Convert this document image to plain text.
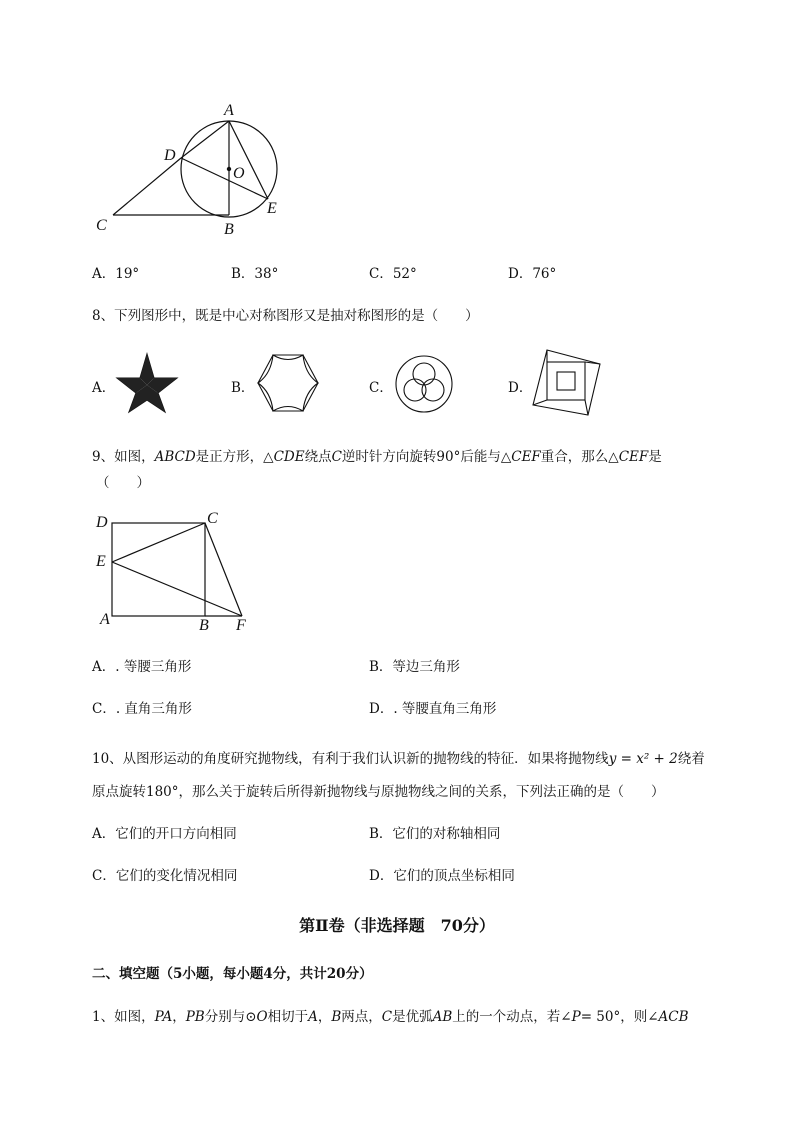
A
D
O
C	B
E
A．19°	B．38°	C．52°	D．76°
8、下列图形中，既是中心对称图形又是抽对称图形的是（　　）
A．	B．	C．	D．
9、如图，ABCD是正方形，△CDE绕点C逆时针方向旋转90°后能与△CEF重合，那么△CEF是
（　　）
D	C
E
A	B F
A．. 等腰三角形	B．等边三角形
C．. 直角三角形	D．. 等腰直角三角形
10、从图形运动的角度研究抛物线，有利于我们认识新的抛物线的特征．如果将抛物线y = x² + 2绕着
原点旋转180°，那么关于旋转后所得新抛物线与原抛物线之间的关系，下列法正确的是（　　）
A．它们的开口方向相同	B．它们的对称轴相同
C．它们的变化情况相同	D．它们的顶点坐标相同
第Ⅱ卷（非选择题　70分）
二、填空题（5小题，每小题4分，共计20分）
1、如图，PA，PB分别与⊙O相切于A，B两点，C是优弧AB上的一个动点，若∠P= 50°，则∠ACB
